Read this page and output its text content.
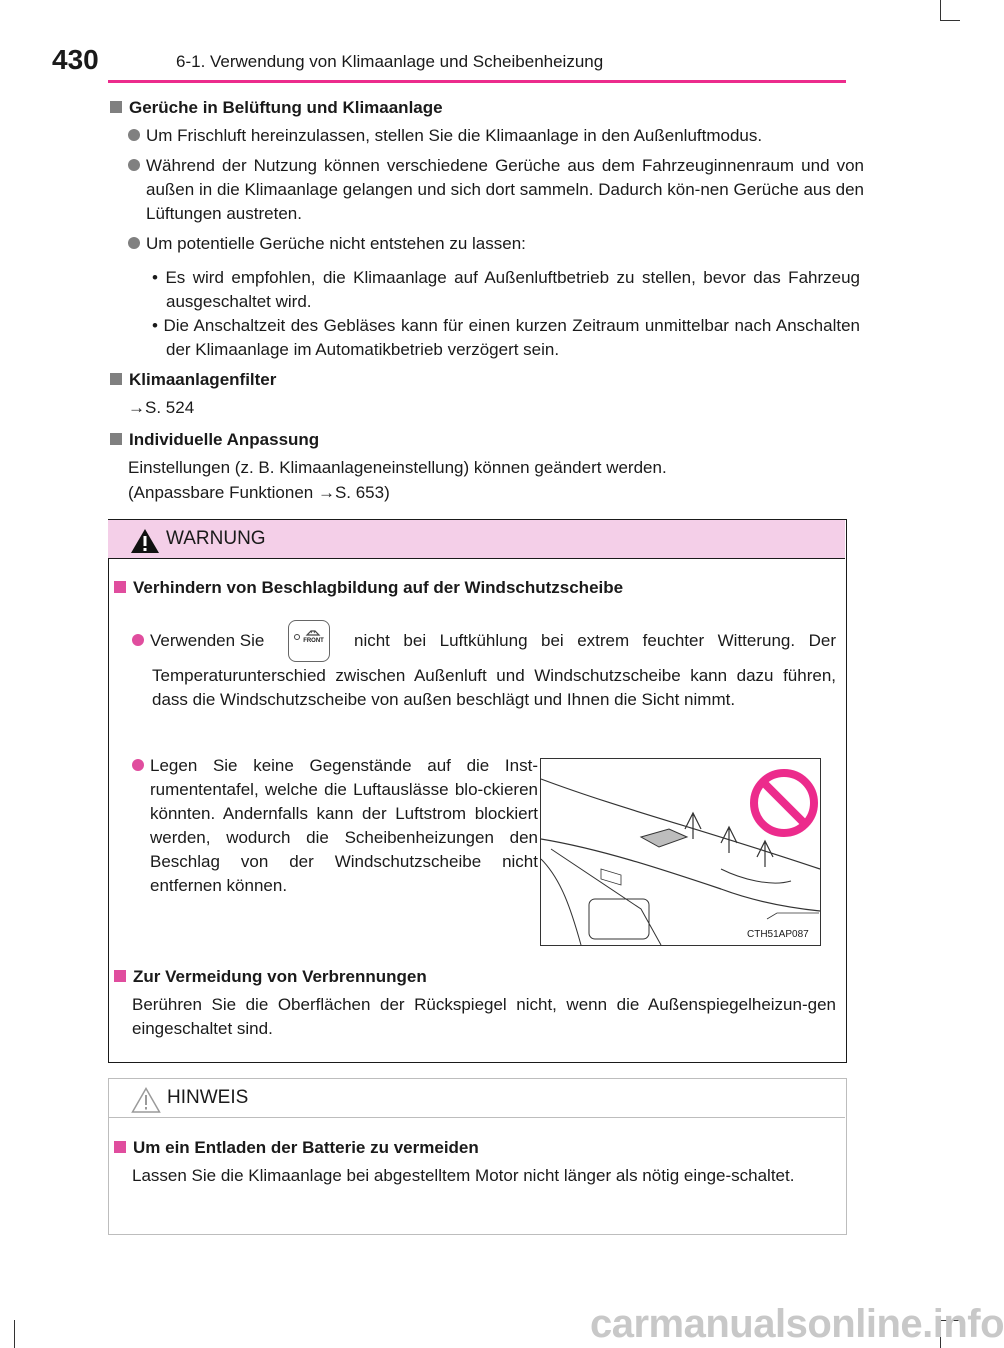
430	6-1. Verwendung von Klimaanlage und Scheibenheizung
Gerüche in Belüftung und Klimaanlage
Um Frischluft hereinzulassen, stellen Sie die Klimaanlage in den Außenluftmodus.
Während der Nutzung können verschiedene Gerüche aus dem Fahrzeuginnenraum und von außen in die Klimaanlage gelangen und sich dort sammeln. Dadurch kön-nen Gerüche aus den Lüftungen austreten.
Um potentielle Gerüche nicht entstehen zu lassen:
• Es wird empfohlen, die Klimaanlage auf Außenluftbetrieb zu stellen, bevor das Fahrzeug ausgeschaltet wird.
• Die Anschaltzeit des Gebläses kann für einen kurzen Zeitraum unmittelbar nach Anschalten der Klimaanlage im Automatikbetrieb verzögert sein.
Klimaanlagenfilter
→S. 524
Individuelle Anpassung
Einstellungen (z. B. Klimaanlageneinstellung) können geändert werden.
(Anpassbare Funktionen →S. 653)
WARNUNG
Verhindern von Beschlagbildung auf der Windschutzscheibe
Verwenden Sie	FRONT nicht bei Luftkühlung bei extrem feuchter Witterung. Der
Temperaturunterschied zwischen Außenluft und Windschutzscheibe kann dazu führen, dass die Windschutzscheibe von außen beschlägt und Ihnen die Sicht nimmt.
Legen Sie keine Gegenstände auf die Inst-rumententafel, welche die Luftauslässe blo-ckieren könnten. Andernfalls kann der Luftstrom blockiert werden, wodurch die Scheibenheizungen den Beschlag von der Windschutzscheibe nicht entfernen können.
CTH51AP087
Zur Vermeidung von Verbrennungen
Berühren Sie die Oberflächen der Rückspiegel nicht, wenn die Außenspiegelheizun-gen eingeschaltet sind.
HINWEIS
Um ein Entladen der Batterie zu vermeiden
Lassen Sie die Klimaanlage bei abgestelltem Motor nicht länger als nötig einge-schaltet.
carmanualsonline.info
